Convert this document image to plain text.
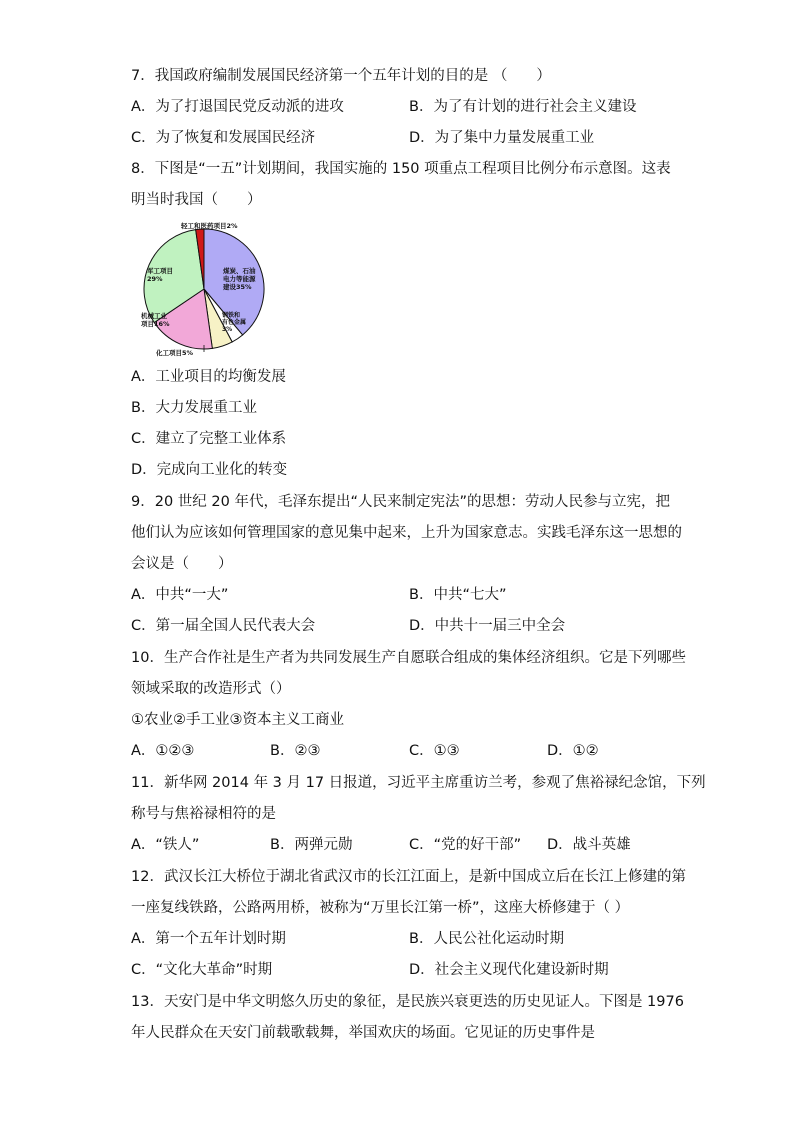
7．我国政府编制发展国民经济第一个五年计划的目的是 （　　）
A．为了打退国民党反动派的进攻	B．为了有计划的进行社会主义建设
C．为了恢复和发展国民经济	D．为了集中力量发展重工业
8．下图是“一五”计划期间，我国实施的 150 项重点工程项目比例分布示意图。这表
明当时我国（　　）
轻工和医药项目2%
煤炭、石油
电力等能源
建设35%
钢铁和
有色金属
3%
化工项目5%
机械工业
项目16%
军工项目
29%
A．工业项目的均衡发展
B．大力发展重工业
C．建立了完整工业体系
D．完成向工业化的转变
9．20 世纪 20 年代，毛泽东提出“人民来制定宪法”的思想：劳动人民参与立宪，把
他们认为应该如何管理国家的意见集中起来，上升为国家意志。实践毛泽东这一思想的
会议是（　　）
A．中共“一大”	B．中共“七大”
C．第一届全国人民代表大会	D．中共十一届三中全会
10．生产合作社是生产者为共同发展生产自愿联合组成的集体经济组织。它是下列哪些
领域采取的改造形式（）
①农业②手工业③资本主义工商业
A．①②③	B．②③	C．①③	D．①②
11．新华网 2014 年 3 月 17 日报道，习近平主席重访兰考，参观了焦裕禄纪念馆，下列
称号与焦裕禄相符的是
A．“铁人”	B．两弹元勋	C．“党的好干部” D．战斗英雄
12．武汉长江大桥位于湖北省武汉市的长江江面上，是新中国成立后在长江上修建的第
一座复线铁路，公路两用桥，被称为“万里长江第一桥”，这座大桥修建于（ ）
A．第一个五年计划时期	B．人民公社化运动时期
C．“文化大革命”时期	D．社会主义现代化建设新时期
13．天安门是中华文明悠久历史的象征，是民族兴衰更迭的历史见证人。下图是 1976
年人民群众在天安门前载歌载舞，举国欢庆的场面。它见证的历史事件是
